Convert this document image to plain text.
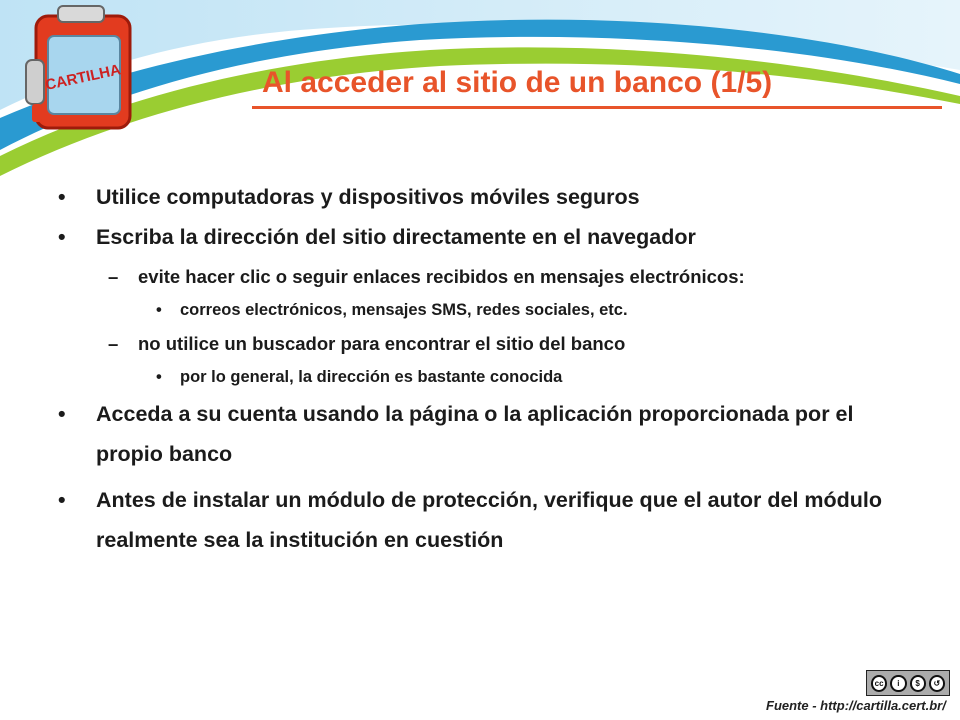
CARTILHA	Al acceder al sitio de un banco (1/5)
• Utilice computadoras y dispositivos móviles seguros
• Escriba la dirección del sitio directamente en el navegador
– evite hacer clic o seguir enlaces recibidos en mensajes electrónicos:
• correos electrónicos, mensajes SMS, redes sociales, etc.
– no utilice un buscador para encontrar el sitio del banco
• por lo general, la dirección es bastante conocida
• Acceda a su cuenta usando la página o la aplicación proporcionada por el propio banco
• Antes de instalar un módulo de protección, verifique que el autor del módulo realmente sea la institución en cuestión
cc	i	$	↺
Fuente - http://cartilla.cert.br/
